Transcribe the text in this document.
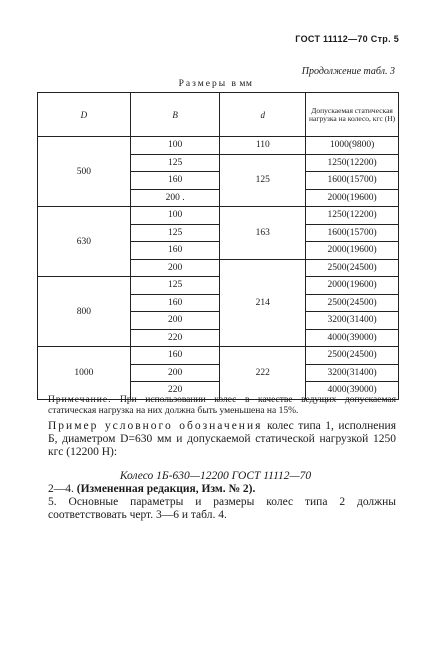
ГОСТ 11112—70 Стр. 5
Продолжение табл. 3
Размеры в мм
D	B	d	Допускаемая статическая нагрузка на колесо, кгс (Н)
500	100	110	1000(9800)
	125	125	1250(12200)
	160		1600(15700)
	200 .		2000(19600)
630	100	163	1250(12200)
	125		1600(15700)
	160		2000(19600)
	200	214	2500(24500)
800	125		2000(19600)
	160		2500(24500)
	200		3200(31400)
	220		4000(39000)
1000	160	222	2500(24500)
	200		3200(31400)
	220		4000(39000)
Примечание. При использовании колес в качестве ведущих допускаемая статическая нагрузка на них должна быть уменьшена на 15%.
Пример условного обозначения колес типа 1, исполнения Б, диаметром D=630 мм и допускаемой статической нагрузкой 1250 кгс (12200 Н):
Колесо 1Б-630—12200 ГОСТ 11112—70
2—4. (Измененная редакция, Изм. № 2).
5. Основные параметры и размеры колес типа 2 должны соответствовать черт. 3—6 и табл. 4.
